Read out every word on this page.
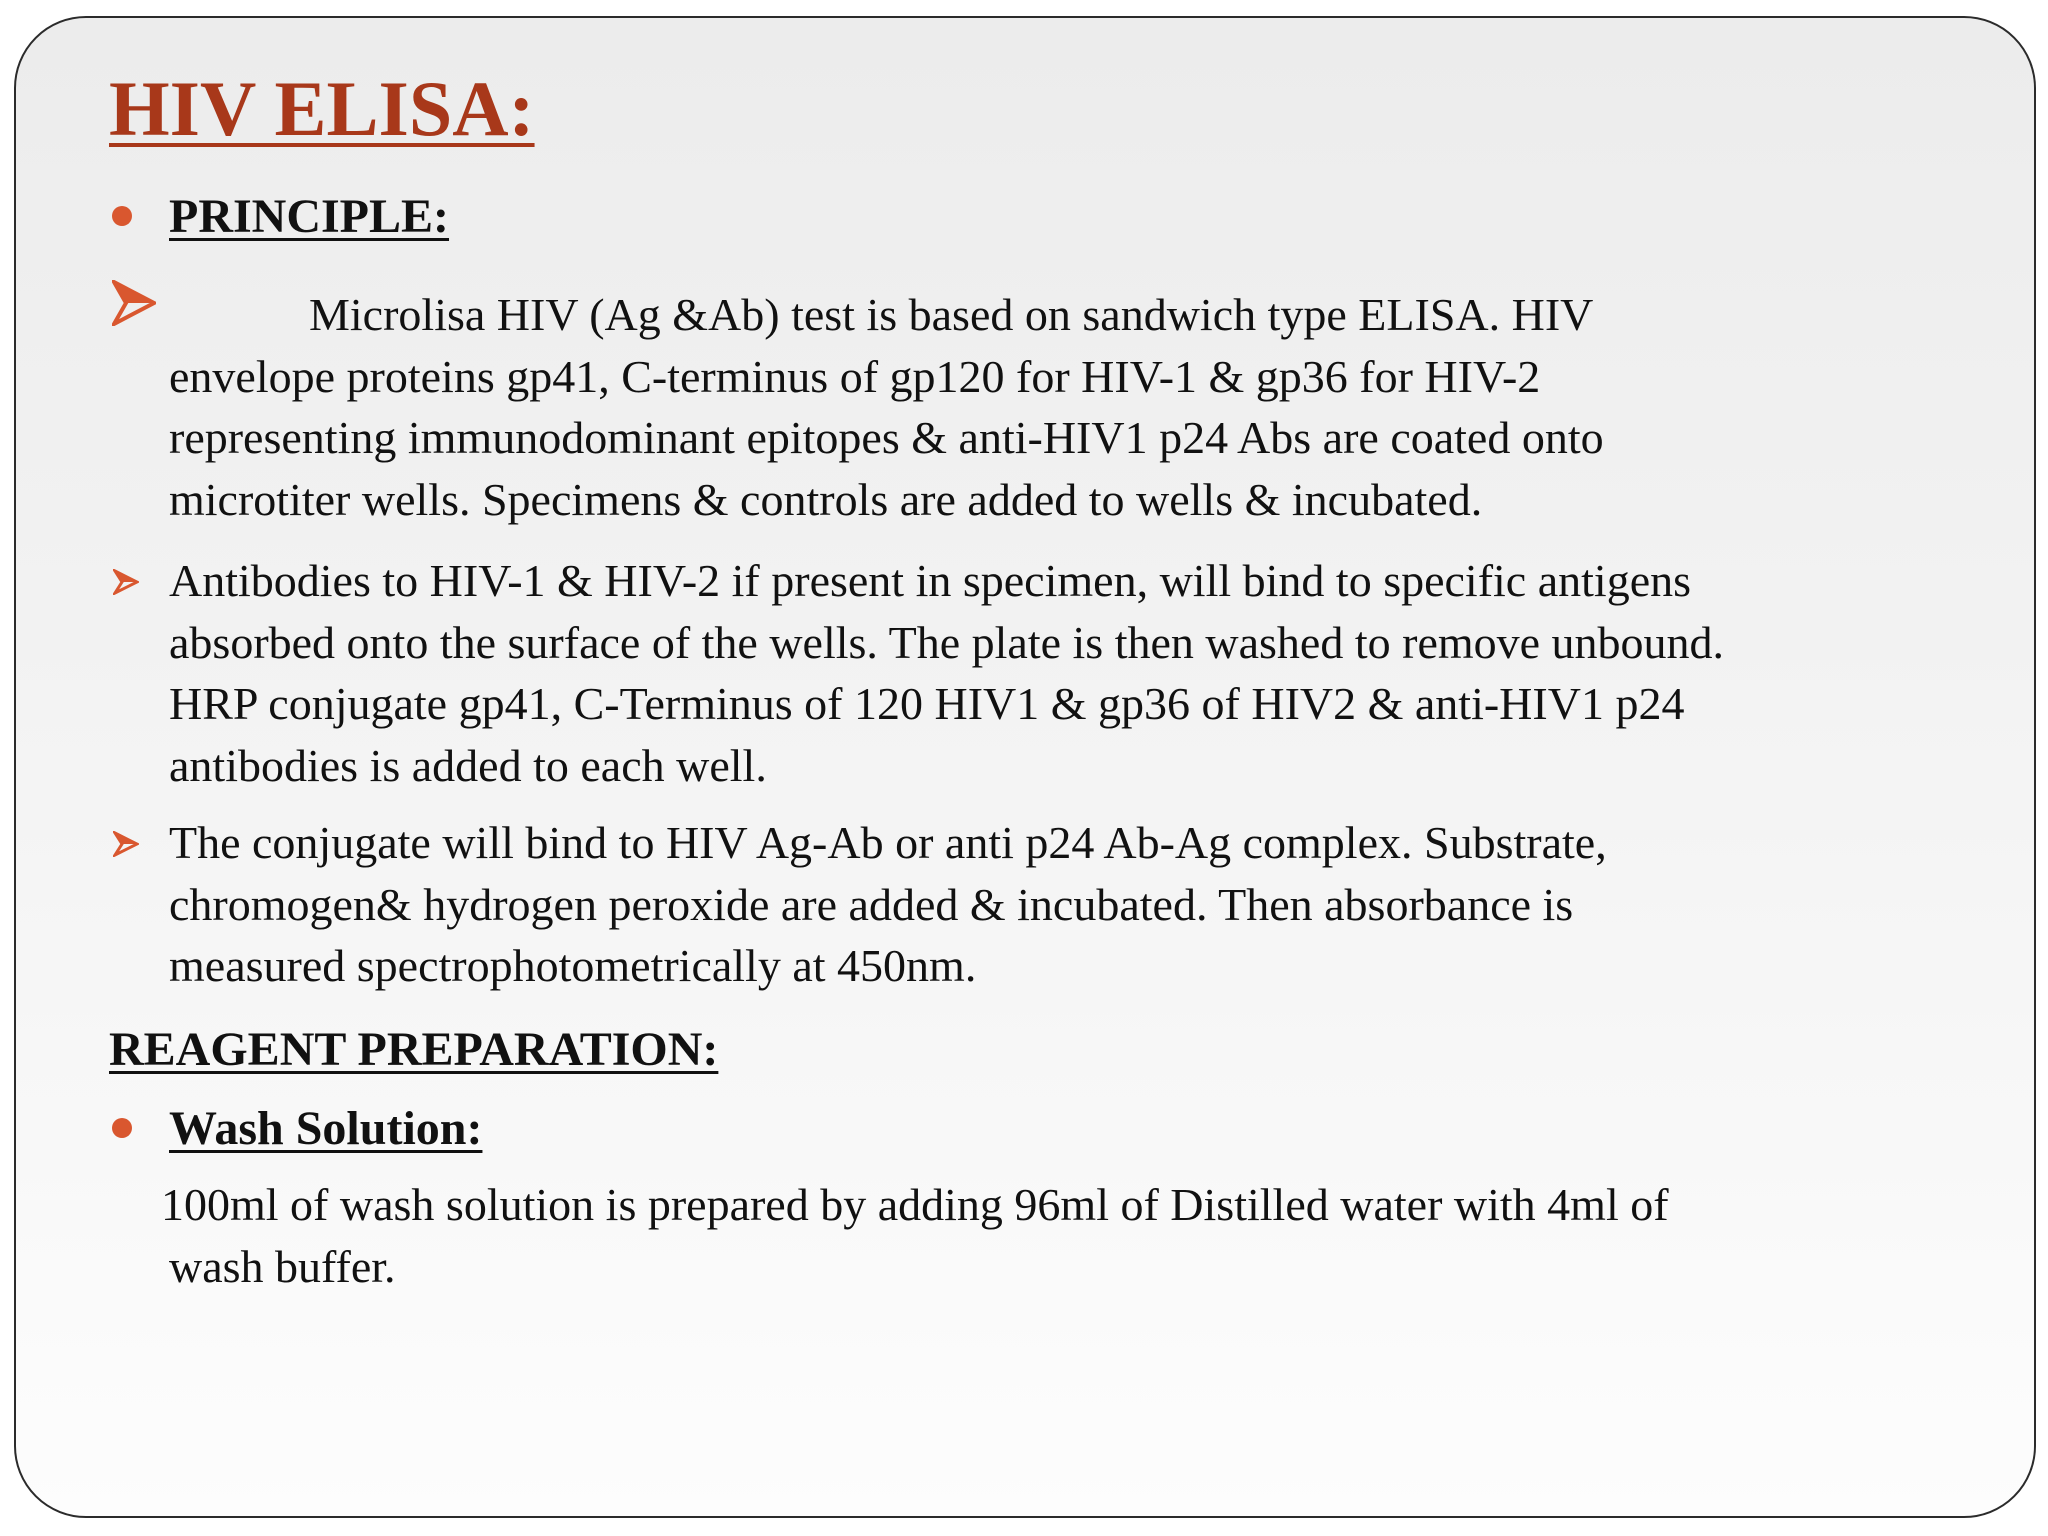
HIV ELISA:
PRINCIPLE:
Microlisa HIV (Ag &Ab) test is based on sandwich type ELISA. HIV
envelope proteins gp41, C-terminus of gp120 for HIV-1 & gp36 for HIV-2
representing immunodominant epitopes & anti-HIV1 p24 Abs are coated onto
microtiter wells. Specimens & controls are added to wells & incubated.
Antibodies to HIV-1 & HIV-2 if present in specimen, will bind to specific antigens
absorbed onto the surface of the wells. The plate is then washed to remove unbound.
HRP conjugate gp41, C-Terminus of 120 HIV1 & gp36 of HIV2 & anti-HIV1 p24
antibodies is added to each well.
The conjugate will bind to HIV Ag-Ab or anti p24 Ab-Ag complex. Substrate,
chromogen& hydrogen peroxide are added & incubated. Then absorbance is
measured spectrophotometrically at 450nm.
REAGENT PREPARATION:
Wash Solution:
100ml of wash solution is prepared by adding 96ml of Distilled water with 4ml of
wash buffer.
